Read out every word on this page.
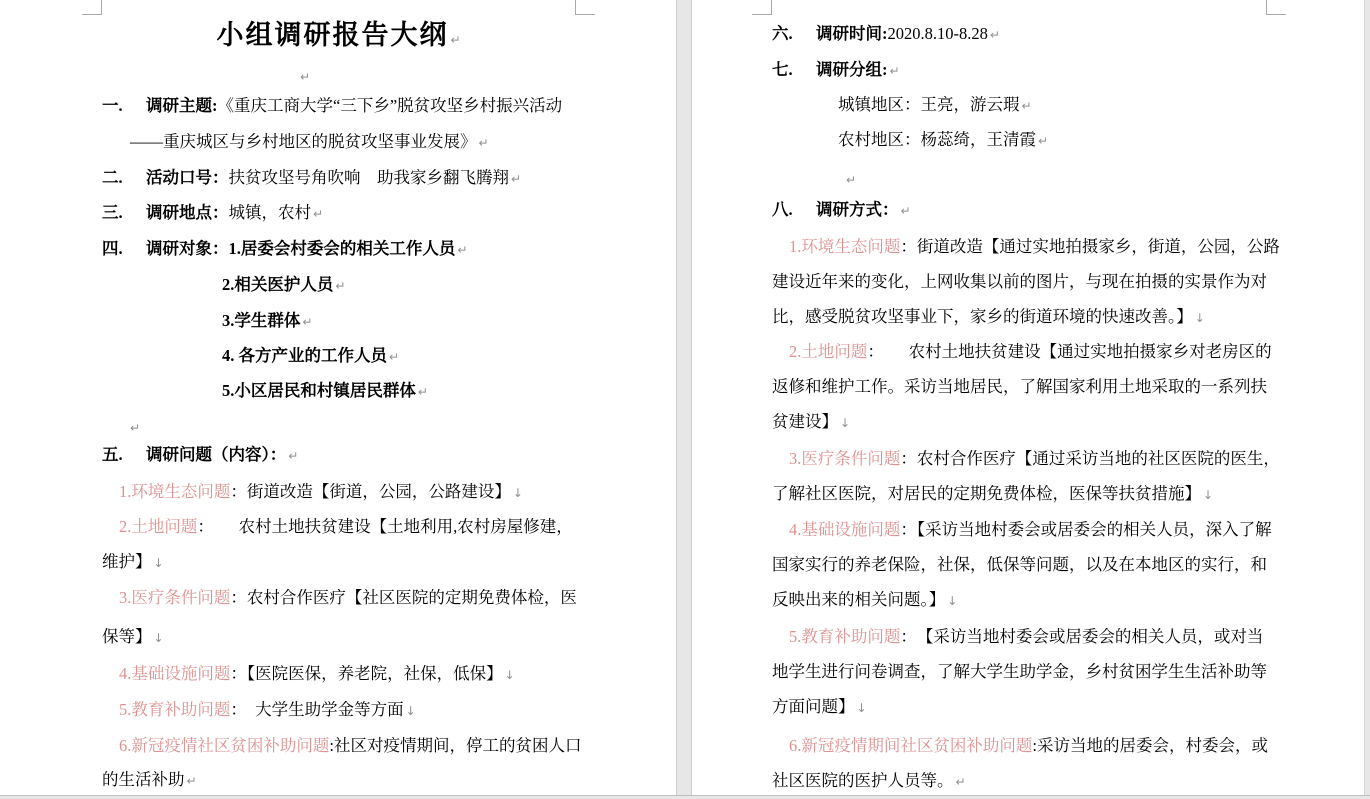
小组调研报告大纲 ↵
↵
一. 调研主题:《重庆工商大学“三下乡”脱贫攻坚乡村振兴活动
——重庆城区与乡村地区的脱贫攻坚事业发展》 ↵
二. 活动口号：扶贫攻坚号角吹响　助我家乡翻飞腾翔 ↵
三. 调研地点：城镇，农村 ↵
四. 调研对象：1.居委会村委会的相关工作人员 ↵
2.相关医护人员 ↵
3.学生群体 ↵
4. 各方产业的工作人员 ↵
5.小区居民和村镇居民群体 ↵
↵
五. 调研问题（内容）： ↵
1.环境生态问题：街道改造【街道，公园，公路建设】 ↓
2.土地问题：　　农村土地扶贫建设【土地利用,农村房屋修建，
维护】 ↓
3.医疗条件问题：农村合作医疗【社区医院的定期免费体检，医
保等】 ↓
4.基础设施问题：【医院医保，养老院，社保，低保】 ↓
5.教育补助问题：　大学生助学金等方面 ↓
6.新冠疫情社区贫困补助问题:社区对疫情期间，停工的贫困人口
的生活补助 ↵
六. 调研时间:2020.8.10-8.28 ↵
七. 调研分组: ↵
城镇地区：王亮，游云瑕 ↵
农村地区：杨蕊绮，王清霞 ↵
↵
八. 调研方式： ↵
1.环境生态问题：街道改造【通过实地拍摄家乡，街道，公园，公路
建设近年来的变化，上网收集以前的图片，与现在拍摄的实景作为对
比，感受脱贫攻坚事业下，家乡的街道环境的快速改善。】 ↓
2.土地问题：　　农村土地扶贫建设【通过实地拍摄家乡对老房区的
返修和维护工作。采访当地居民，了解国家利用土地采取的一系列扶
贫建设】 ↓
3.医疗条件问题：农村合作医疗【通过采访当地的社区医院的医生，
了解社区医院，对居民的定期免费体检，医保等扶贫措施】 ↓
4.基础设施问题：【采访当地村委会或居委会的相关人员，深入了解
国家实行的养老保险，社保，低保等问题，以及在本地区的实行，和
反映出来的相关问题。】 ↓
5.教育补助问题：　【采访当地村委会或居委会的相关人员，或对当
地学生进行问卷调查，了解大学生助学金，乡村贫困学生生活补助等
方面问题】 ↓
6.新冠疫情期间社区贫困补助问题:采访当地的居委会，村委会，或
社区医院的医护人员等。 ↵
